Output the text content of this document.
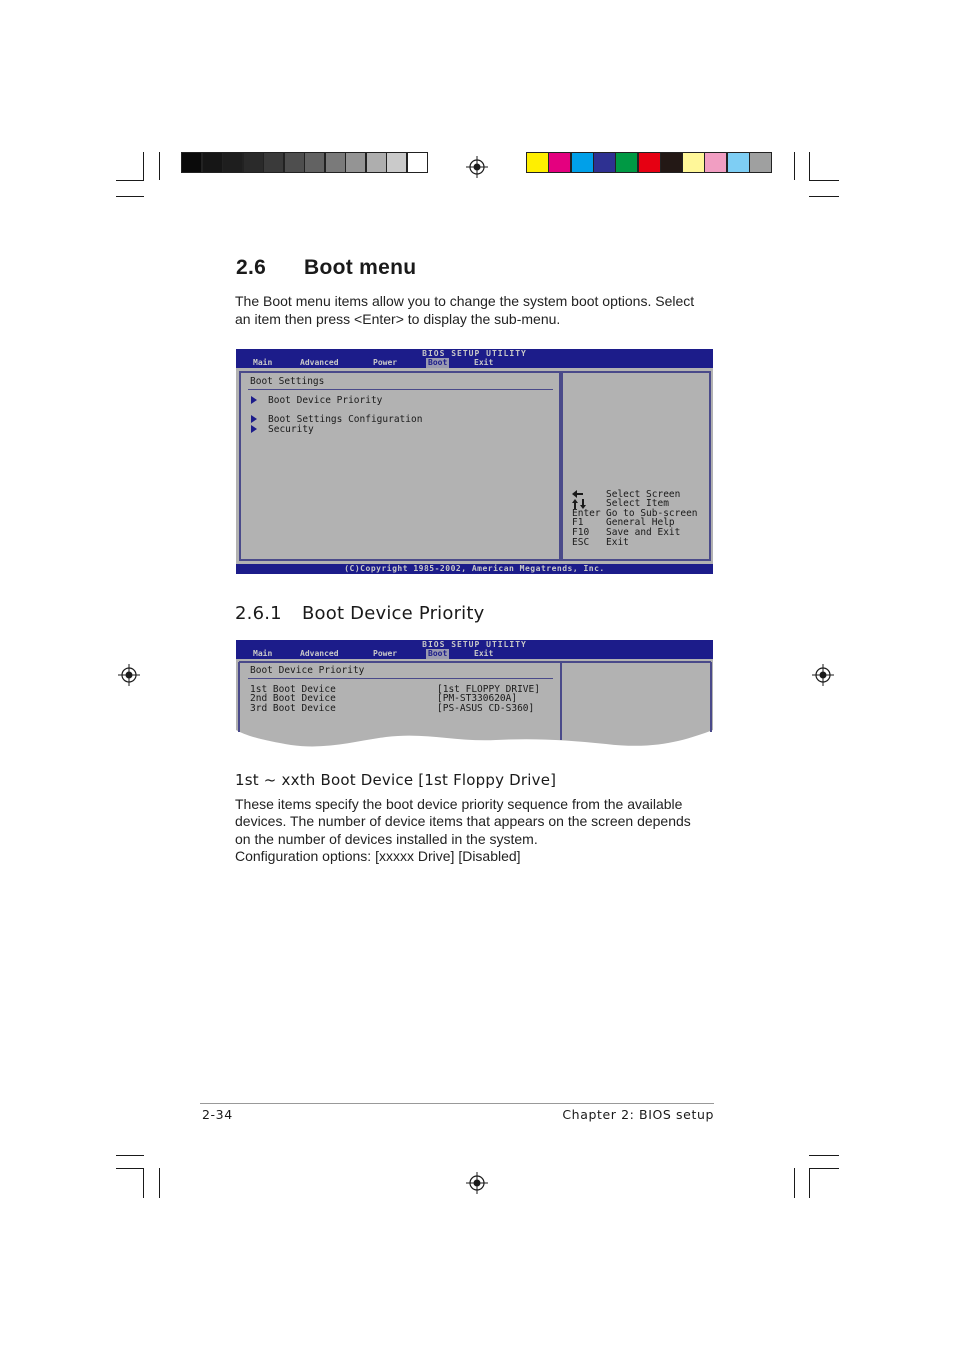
2.6 Boot menu

The Boot menu items allow you to change the system boot options. Select

an item then press <Enter> to display the sub-menu.

BIOS SETUP UTILITY
Main	Advanced	Power	Boot	Exit
Boot Settings
Boot Device Priority
Boot Settings Configuration
Security
Select Screen
Select Item
Enter Go to Sub-screen
F1 General Help
F10 Save and Exit
ESC Exit
(C)Copyright 1985-2002, American Megatrends, Inc.
2.6.1 Boot Device Priority
BIOS SETUP UTILITY
Main	Advanced	Power	Boot	Exit
Boot Device Priority
1st Boot Device	[1st FLOPPY DRIVE]
2nd Boot Device	[PM-ST330620A]
3rd Boot Device	[PS-ASUS CD-S360]
1st ~ xxth Boot Device [1st Floppy Drive]

These items specify the boot device priority sequence from the available

devices. The number of device items that appears on the screen depends

on the number of devices installed in the system.

Configuration options: [xxxxx Drive] [Disabled]

2-34	Chapter 2: BIOS setup
